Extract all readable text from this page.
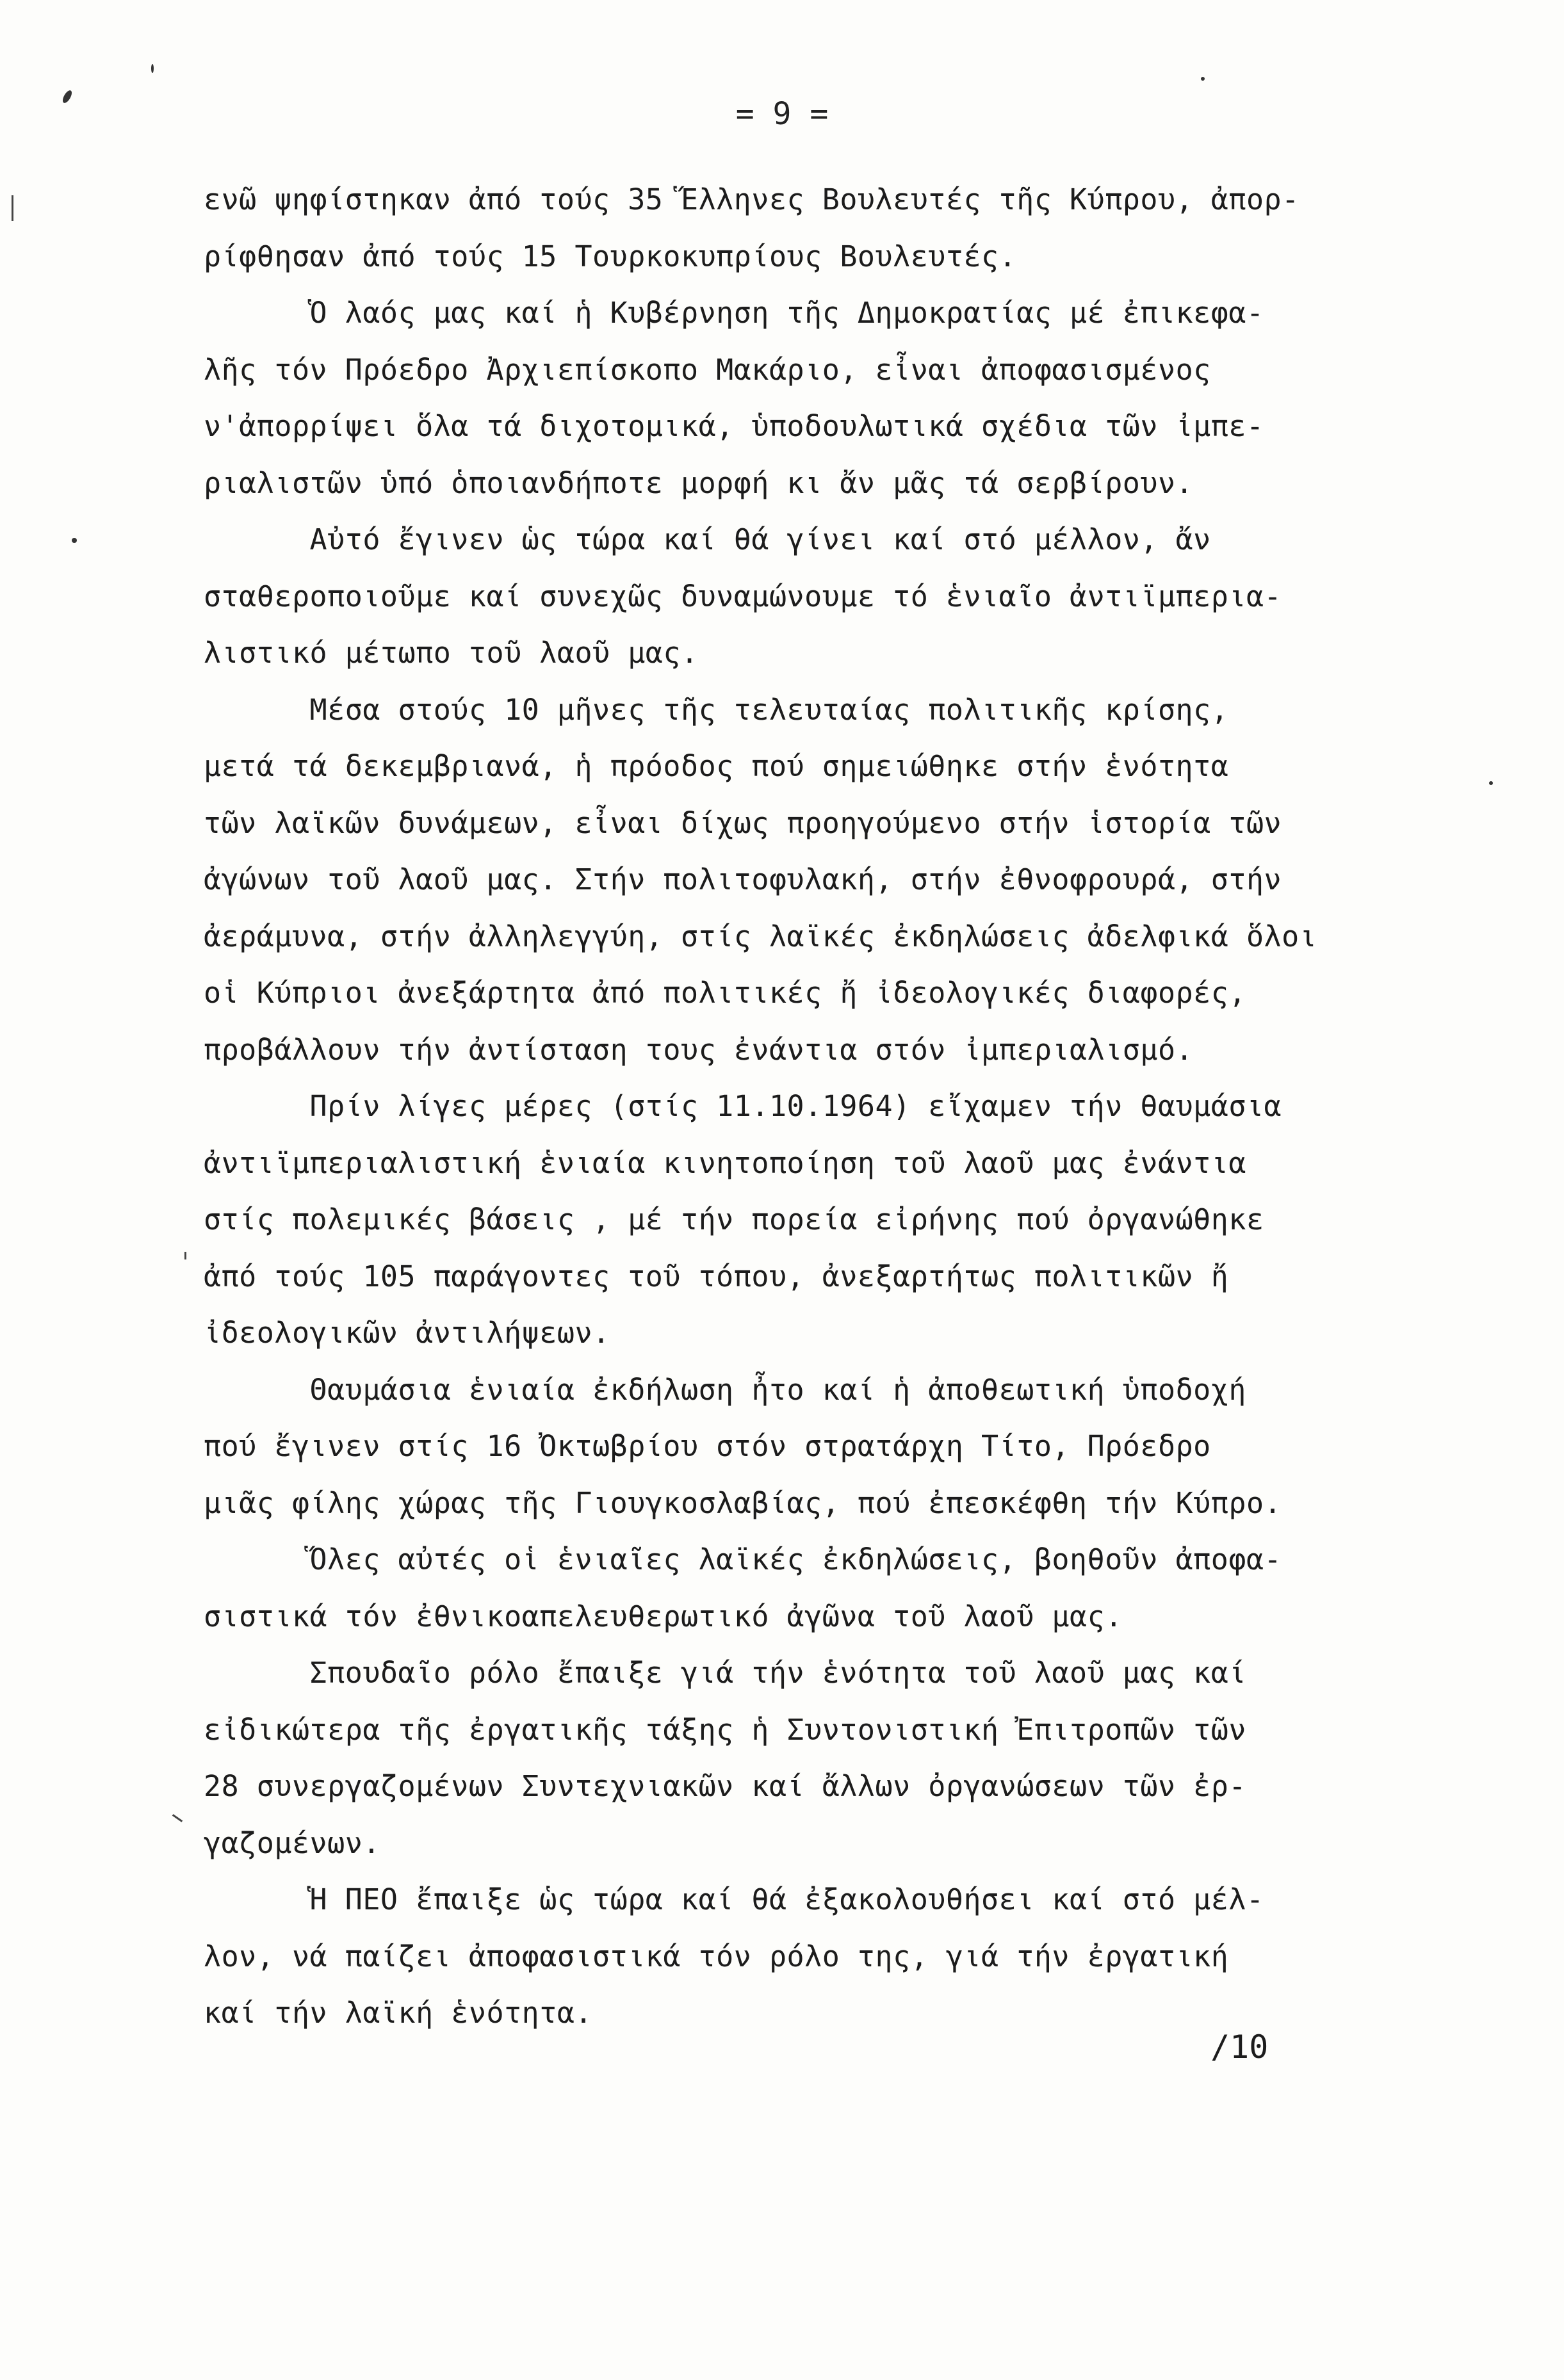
= 9 =
ενῶ ψηφίστηκαν ἀπό τούς 35 Ἕλληνες Βουλευτές τῆς Κύπρου, ἀπορ-
ρίφθησαν ἀπό τούς 15 Τουρκοκυπρίους Βουλευτές.
Ὁ λαός μας καί ἡ Κυβέρνηση τῆς Δημοκρατίας μέ ἐπικεφα-
λῆς τόν Πρόεδρο Ἀρχιεπίσκοπο Μακάριο, εἶναι ἀποφασισμένος
ν'ἀπορρίψει ὅλα τά διχοτομικά, ὑποδουλωτικά σχέδια τῶν ἰμπε-
ριαλιστῶν ὑπό ὁποιανδήποτε μορφή κι ἄν μᾶς τά σερβίρουν.
Αὐτό ἔγινεν ὡς τώρα καί θά γίνει καί στό μέλλον, ἄν
σταθεροποιοῦμε καί συνεχῶς δυναμώνουμε τό ἑνιαῖο ἀντιϊμπερια-
λιστικό μέτωπο τοῦ λαοῦ μας.
Μέσα στούς 10 μῆνες τῆς τελευταίας πολιτικῆς κρίσης,
μετά τά δεκεμβριανά, ἡ πρόοδος πού σημειώθηκε στήν ἑνότητα
τῶν λαϊκῶν δυνάμεων, εἶναι δίχως προηγούμενο στήν ἱστορία τῶν
ἀγώνων τοῦ λαοῦ μας. Στήν πολιτοφυλακή, στήν ἐθνοφρουρά, στήν
ἀεράμυνα, στήν ἀλληλεγγύη, στίς λαϊκές ἐκδηλώσεις ἀδελφικά ὅλοι
οἱ Κύπριοι ἀνεξάρτητα ἀπό πολιτικές ἤ ἰδεολογικές διαφορές,
προβάλλουν τήν ἀντίσταση τους ἐνάντια στόν ἰμπεριαλισμό.
Πρίν λίγες μέρες (στίς 11.10.1964) εἴχαμεν τήν θαυμάσια
ἀντιϊμπεριαλιστική ἑνιαία κινητοποίηση τοῦ λαοῦ μας ἐνάντια
στίς πολεμικές βάσεις , μέ τήν πορεία εἰρήνης πού ὀργανώθηκε
ἀπό τούς 105 παράγοντες τοῦ τόπου, ἀνεξαρτήτως πολιτικῶν ἤ
ἰδεολογικῶν ἀντιλήψεων.
Θαυμάσια ἑνιαία ἐκδήλωση ἦτο καί ἡ ἀποθεωτική ὑποδοχή
πού ἔγινεν στίς 16 Ὀκτωβρίου στόν στρατάρχη Τίτο, Πρόεδρο
μιᾶς φίλης χώρας τῆς Γιουγκοσλαβίας, πού ἐπεσκέφθη τήν Κύπρο.
Ὅλες αὐτές οἱ ἑνιαῖες λαϊκές ἐκδηλώσεις, βοηθοῦν ἀποφα-
σιστικά τόν ἐθνικοαπελευθερωτικό ἀγῶνα τοῦ λαοῦ μας.
Σπουδαῖο ρόλο ἔπαιξε γιά τήν ἑνότητα τοῦ λαοῦ μας καί
εἰδικώτερα τῆς ἐργατικῆς τάξης ἡ Συντονιστική Ἐπιτροπῶν τῶν
28 συνεργαζομένων Συντεχνιακῶν καί ἄλλων ὀργανώσεων τῶν ἐρ-
γαζομένων.
Ἡ ΠΕΟ ἔπαιξε ὡς τώρα καί θά ἐξακολουθήσει καί στό μέλ-
λον, νά παίζει ἀποφασιστικά τόν ρόλο της, γιά τήν ἐργατική
καί τήν λαϊκή ἑνότητα.
/10
